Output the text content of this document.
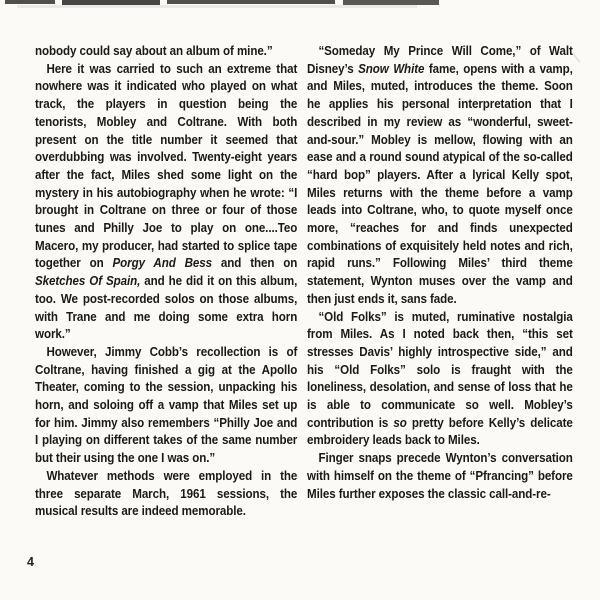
nobody could say about an album of mine.”

Here it was carried to such an extreme that nowhere was it indicated who played on what track, the players in question being the tenorists, Mobley and Coltrane. With both present on the title number it seemed that overdubbing was involved. Twenty-eight years after the fact, Miles shed some light on the mystery in his autobiography when he wrote: “I brought in Coltrane on three or four of those tunes and Philly Joe to play on one....Teo Macero, my producer, had started to splice tape together on Porgy And Bess and then on Sketches Of Spain, and he did it on this album, too. We post-recorded solos on those albums, with Trane and me doing some extra horn work.”

However, Jimmy Cobb’s recollection is of Coltrane, having finished a gig at the Apollo Theater, coming to the session, unpacking his horn, and soloing off a vamp that Miles set up for him. Jimmy also remembers “Philly Joe and I playing on different takes of the same number but their using the one I was on.”

Whatever methods were employed in the three separate March, 1961 sessions, the musical results are indeed memorable.

“Someday My Prince Will Come,” of Walt Disney’s Snow White fame, opens with a vamp, and Miles, muted, introduces the theme. Soon he applies his personal interpretation that I described in my review as “wonderful, sweet-and-sour.” Mobley is mellow, flowing with an ease and a round sound atypical of the so-called “hard bop” players. After a lyrical Kelly spot, Miles returns with the theme before a vamp leads into Coltrane, who, to quote myself once more, “reaches for and finds unexpected combinations of exquisitely held notes and rich, rapid runs.” Following Miles’ third theme statement, Wynton muses over the vamp and then just ends it, sans fade.

“Old Folks” is muted, ruminative nostalgia from Miles. As I noted back then, “this set stresses Davis’ highly introspective side,” and his “Old Folks” solo is fraught with the loneliness, desolation, and sense of loss that he is able to communicate so well. Mobley’s contribution is so pretty before Kelly’s delicate embroidery leads back to Miles.

Finger snaps precede Wynton’s conversation with himself on the theme of “Pfrancing” before Miles further exposes the classic call-and-re-

4
